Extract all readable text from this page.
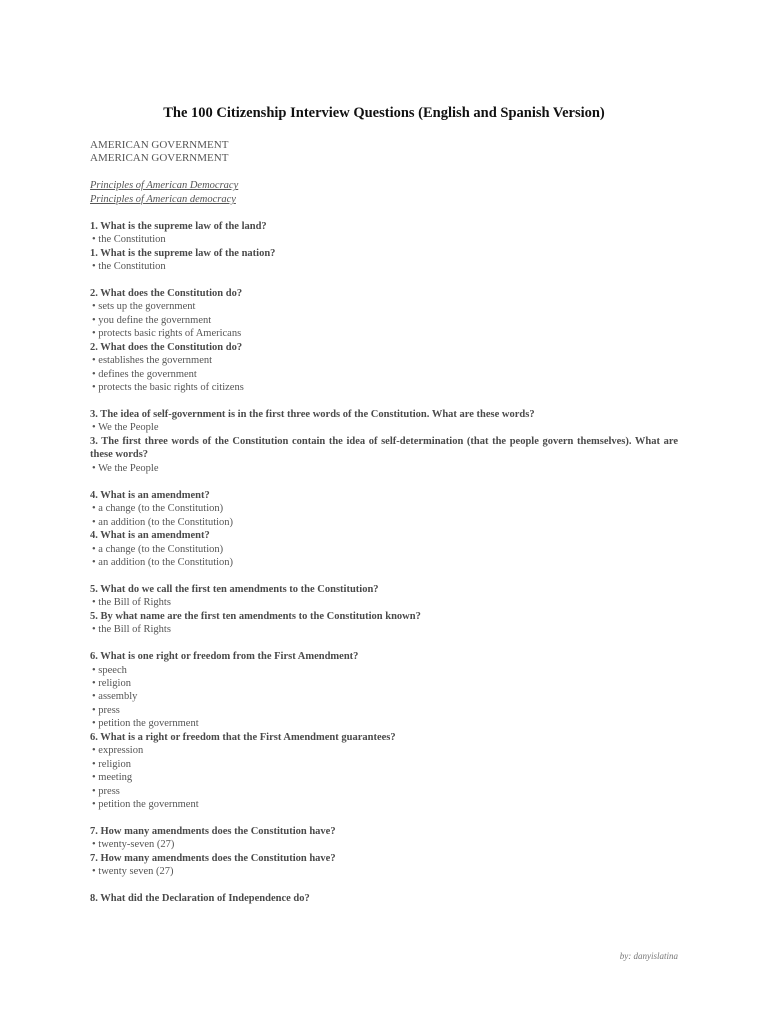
The 100 Citizenship Interview Questions (English and Spanish Version)
AMERICAN GOVERNMENT
AMERICAN GOVERNMENT
Principles of American Democracy
Principles of American democracy
1. What is the supreme law of the land?
• the Constitution
1. What is the supreme law of the nation?
• the Constitution
2. What does the Constitution do?
• sets up the government
• you define the government
• protects basic rights of Americans
2. What does the Constitution do?
• establishes the government
• defines the government
• protects the basic rights of citizens
3. The idea of self-government is in the first three words of the Constitution. What are these words?
• We the People
3. The first three words of the Constitution contain the idea of self-determination (that the people govern themselves). What are these words?
• We the People
4. What is an amendment?
• a change (to the Constitution)
• an addition (to the Constitution)
4. What is an amendment?
• a change (to the Constitution)
• an addition (to the Constitution)
5. What do we call the first ten amendments to the Constitution?
• the Bill of Rights
5. By what name are the first ten amendments to the Constitution known?
• the Bill of Rights
6. What is one right or freedom from the First Amendment?
• speech
• religion
• assembly
• press
• petition the government
6. What is a right or freedom that the First Amendment guarantees?
• expression
• religion
• meeting
• press
• petition the government
7. How many amendments does the Constitution have?
• twenty-seven (27)
7. How many amendments does the Constitution have?
• twenty seven (27)
8. What did the Declaration of Independence do?
by: danyislatina
